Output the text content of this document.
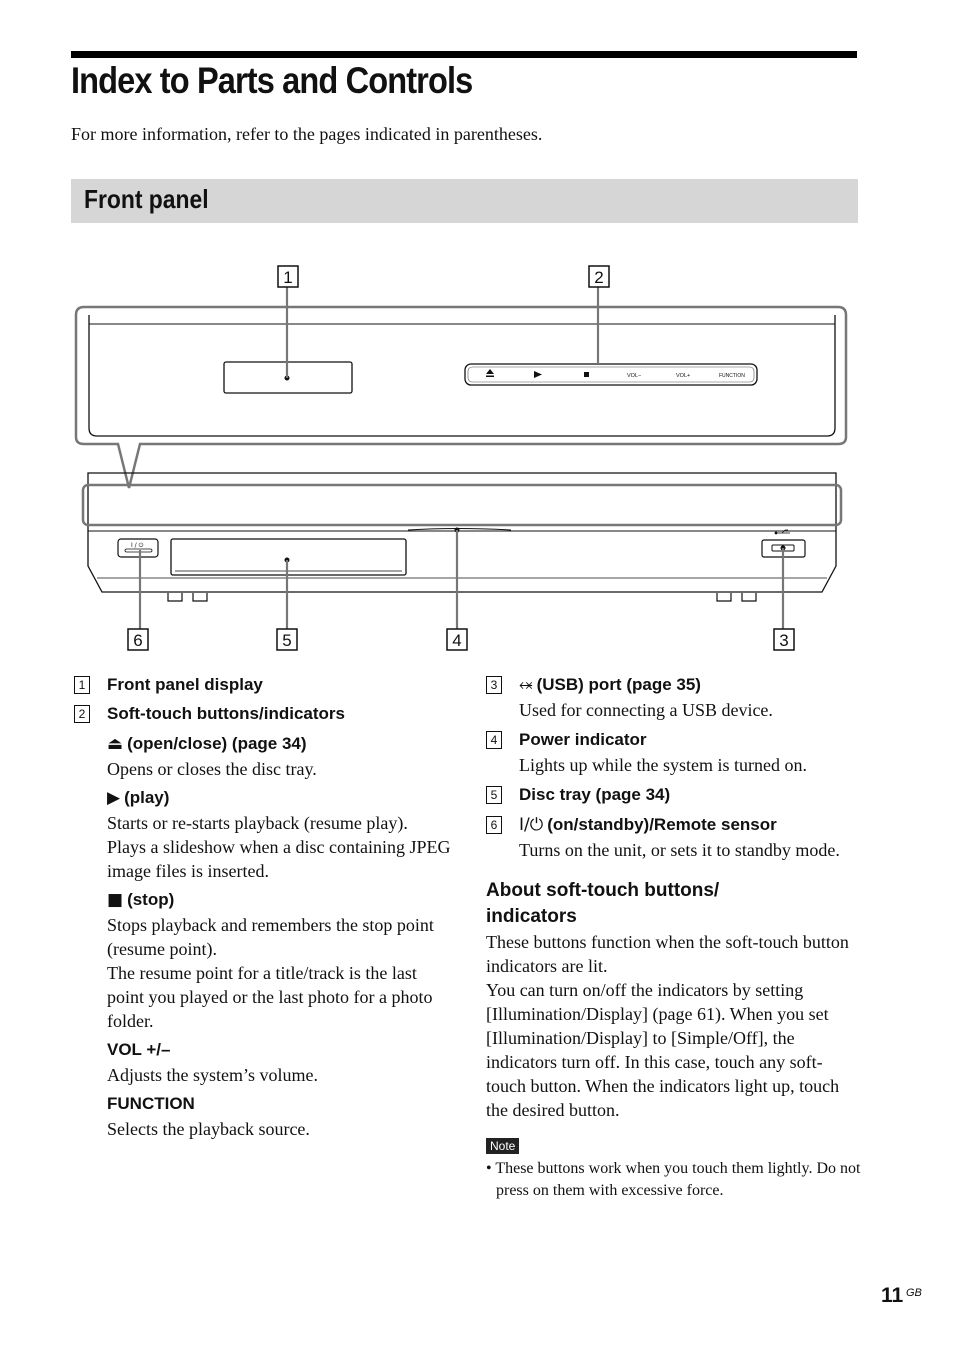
Index to Parts and Controls
For more information, refer to the pages indicated in parentheses.
Front panel
VOL−	VOL+	FUNCTION
I / ⏻
1	2
3
4
5
6
1 Front panel display
2 Soft-touch buttons/indicators
⏏ (open/close) (page 34)
Opens or closes the disc tray.
▶ (play)
Starts or re-starts playback (resume play).
Plays a slideshow when a disc containing JPEG image files is inserted.
■ (stop)
Stops playback and remembers the stop point (resume point).
The resume point for a title/track is the last point you played or the last photo for a photo folder.
VOL +/–
Adjusts the system’s volume.
FUNCTION
Selects the playback source.
3 ⬾ (USB) port (page 35)
Used for connecting a USB device.
4 Power indicator
Lights up while the system is turned on.
5 Disc tray (page 34)
6 I/⏻ (on/standby)/Remote sensor
Turns on the unit, or sets it to standby mode.
About soft-touch buttons/ indicators
These buttons function when the soft-touch button indicators are lit.
You can turn on/off the indicators by setting [Illumination/Display] (page 61). When you set [Illumination/Display] to [Simple/Off], the indicators turn off. In this case, touch any soft-touch button. When the indicators light up, touch the desired button.
Note
• These buttons work when you touch them lightly. Do not press on them with excessive force.
11 GB
